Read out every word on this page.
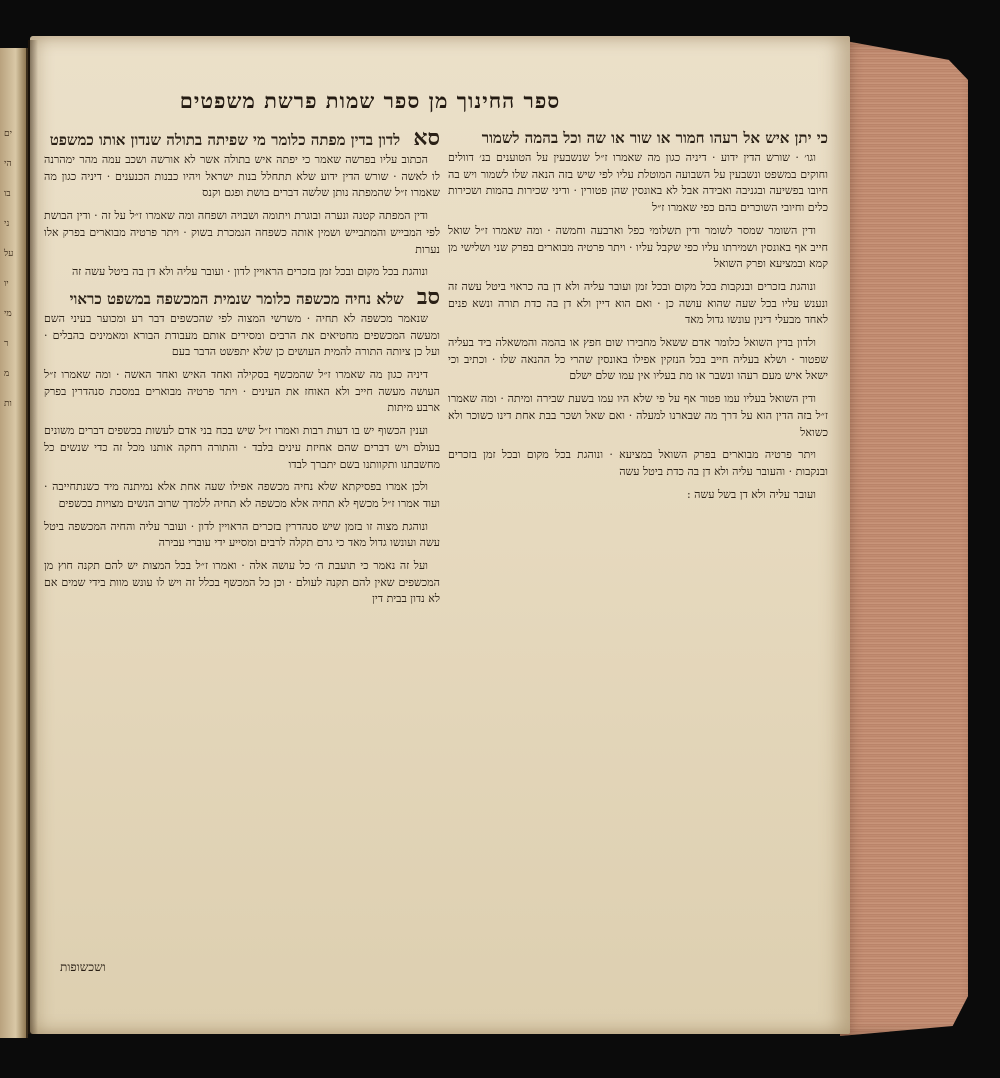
ים
הי
בו
ני
על
יו
מי
ר
מ
ות
ספר החינוך מן ספר שמות פרשת משפטים
כי יתן איש אל רעהו חמור או שור או שה וכל בהמה לשמור
וגו׳ · שורש הדין ידוע · דיניה כגון מה שאמרו ז״ל שנשבעין על הטוענים בנ׳ דוולים וחוקים במשפט ונשבעין על השבועה המוטלת עליו לפי שיש בזה הנאה שלו לשמור ויש בה חיובו בפשיעה ובגניבה ואבידה אבל לא באונסין שהן פטורין · ודיני שכירות בהמות ושכירות כלים וחיובי השוכרים בהם כפי שאמרו ז״ל
ודין השומר שמסר לשומר ודין תשלומי כפל וארבעה וחמשה · ומה שאמרו ז״ל שואל חייב אף באונסין ושמירתו עליו כפי שקבל עליו · ויתר פרטיה מבוארים בפרק שני ושלישי מן קמא ובמציעא ופרק השואל
ונוהגת בזכרים ובנקבות בכל מקום ובכל זמן ועובר עליה ולא דן בה כראוי ביטל עשה זה ונענש עליו בכל שעה שהוא עושה כן · ואם הוא דיין ולא דן בה כדת תורה ונשא פנים לאחד מבעלי דינין עונשו גדול מאד
ולדון בדין השואל כלומר אדם ששאל מחבירו שום חפץ או בהמה והמשאלה ביד בעליה שפטור · ושלא בעליה חייב בכל הנזקין אפילו באונסין שהרי כל ההנאה שלו · וכתיב וכי ישאל איש מעם רעהו ונשבר או מת בעליו אין עמו שלם ישלם
ודין השואל בעליו עמו פטור אף על פי שלא היו עמו בשעת שבירה ומיתה · ומה שאמרו ז״ל בזה הדין הוא על דרך מה שבארנו למעלה · ואם שאל ושכר בבת אחת דינו כשוכר ולא כשואל
ויתר פרטיה מבוארים בפרק השואל במציעא · ונוהגת בכל מקום ובכל זמן בזכרים ובנקבות · והעובר עליה ולא דן בה כדת ביטל עשה
ועובר עליה ולא דן בשל עשה :
סא לדון בדין מפתה כלומר מי שפיתה בתולה שנדון אותו כמשפט
הכתוב עליו בפרשה שאמר כי יפתה איש בתולה אשר לא אורשה ושכב עמה מהר ימהרנה לו לאשה · שורש הדין ידוע שלא תתחלל בנות ישראל ויהיו כבנות הכנענים · דיניה כגון מה שאמרו ז״ל שהמפתה נותן שלשה דברים בושת ופגם וקנס
ודין המפתה קטנה ונערה ובוגרת ויתומה ושבויה ושפחה ומה שאמרו ז״ל על זה · ודין הבושת לפי המבייש והמתבייש ושמין אותה כשפחה הנמכרת בשוק · ויתר פרטיה מבוארים בפרק אלו נערות
ונוהגת בכל מקום ובכל זמן בזכרים הראויין לדון · ועובר עליה ולא דן בה ביטל עשה זה
סב שלא נחיה מכשפה כלומר שנמית המכשפה במשפט כראוי
שנאמר מכשפה לא תחיה · משרשי המצוה לפי שהכשפים דבר רע ומכוער בעיני השם ומעשה המכשפים מחטיאים את הרבים ומסירים אותם מעבודת הבורא ומאמינים בהבלים · ועל כן ציותה התורה להמית העושים כן שלא יתפשט הדבר בעם
דיניה כגון מה שאמרו ז״ל שהמכשף בסקילה ואחד האיש ואחד האשה · ומה שאמרו ז״ל העושה מעשה חייב ולא האוחז את העינים · ויתר פרטיה מבוארים במסכת סנהדרין בפרק ארבע מיתות
וענין הכשוף יש בו דעות רבות ואמרו ז״ל שיש בכח בני אדם לעשות בכשפים דברים משונים בעולם ויש דברים שהם אחיזת עינים בלבד · והתורה רחקה אותנו מכל זה כדי שנשים כל מחשבתנו ותקוותנו בשם יתברך לבדו
ולכן אמרו בפסיקתא שלא נחיה מכשפה אפילו שעה אחת אלא נמיתנה מיד כשנתחייבה · ועוד אמרו ז״ל מכשף לא תחיה אלא מכשפה לא תחיה ללמדך שרוב הנשים מצויות בכשפים
ונוהגת מצוה זו בזמן שיש סנהדרין בזכרים הראויין לדון · ועובר עליה והחיה המכשפה ביטל עשה ועונשו גדול מאד כי גרם תקלה לרבים ומסייע ידי עוברי עבירה
ועל זה נאמר כי תועבת ה׳ כל עושה אלה · ואמרו ז״ל בכל המצות יש להם תקנה חוץ מן המכשפים שאין להם תקנה לעולם · וכן כל המכשף בכלל זה ויש לו עונש מוות בידי שמים אם לא נדון בבית דין
ושכשופות
